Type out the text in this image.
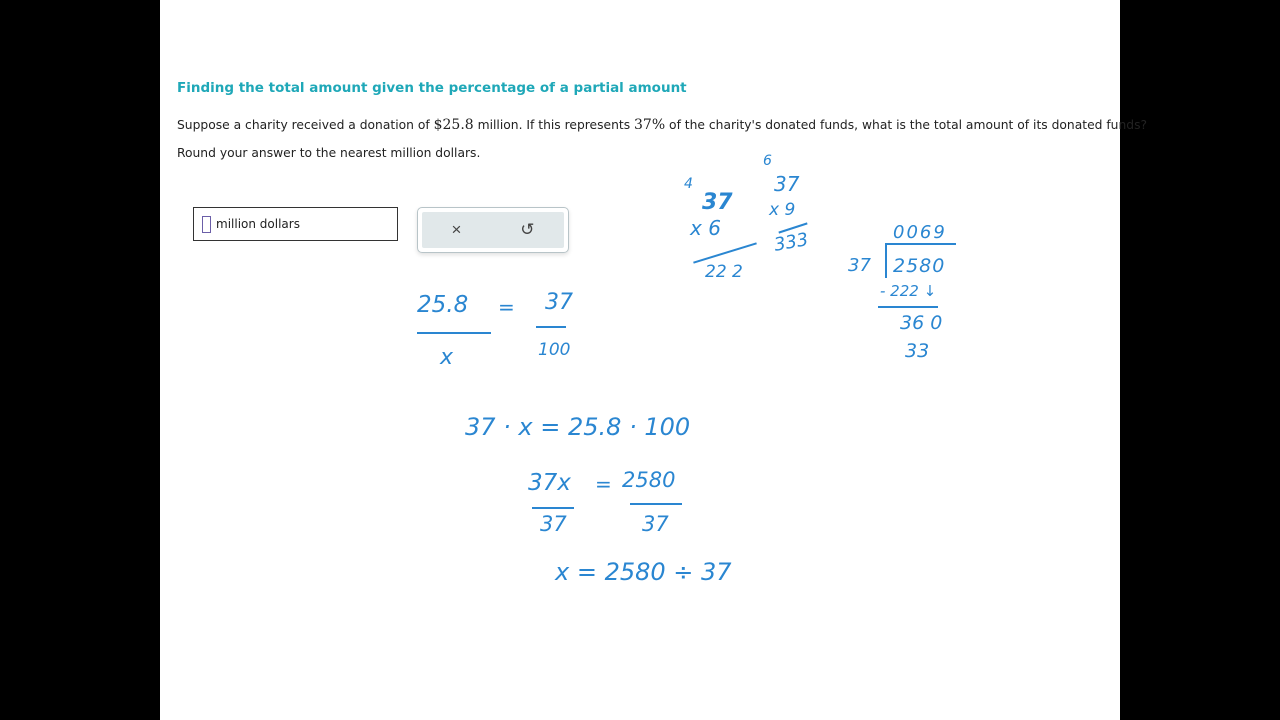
Finding the total amount given the percentage of a partial amount
Suppose a charity received a donation of $25.8 million. If this represents 37% of the charity's donated funds, what is the total amount of its donated funds?
Round your answer to the nearest million dollars.
million dollars	×	↺
4
37
x 6
22 2
6
37
x 9
333	0069
37 2580
- 222 ↓
36 0
33
25.8
x
= 37
100
37 · x = 25.8 · 100
37x
37
= 2580
37
x = 2580 ÷ 37
